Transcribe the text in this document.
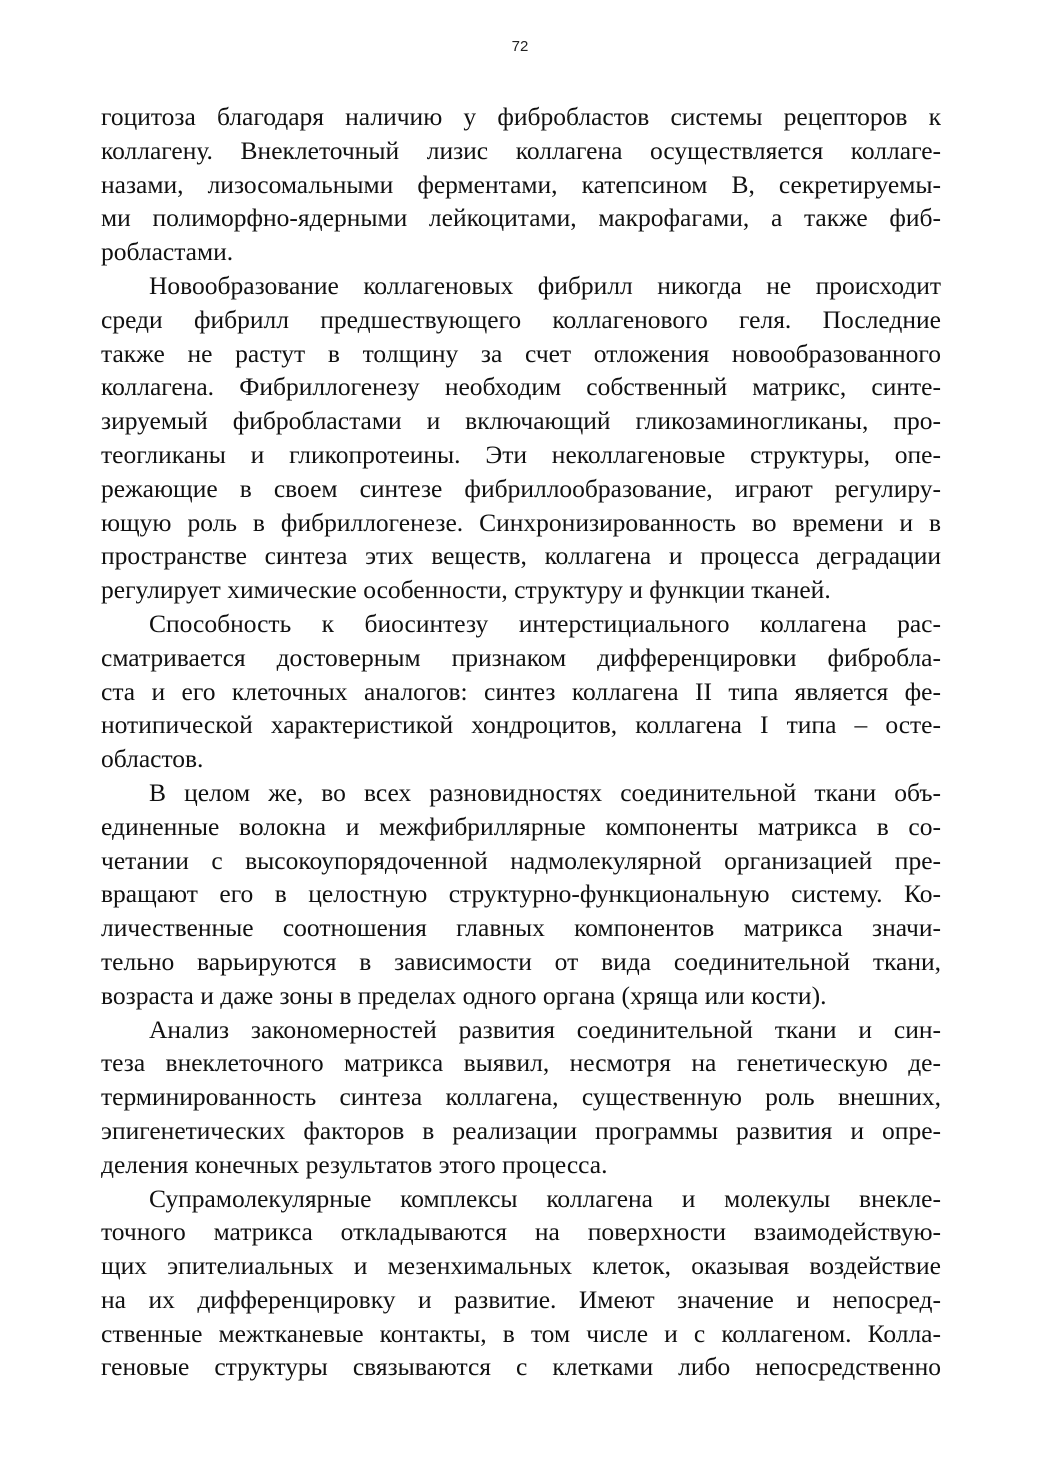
72
гоцитоза благодаря наличию у фибробластов системы рецепторов к
коллагену. Внеклеточный лизис коллагена осуществляется коллаге-
назами, лизосомальными ферментами, катепсином В, секретируемы-
ми полиморфно-ядерными лейкоцитами, макрофагами, а также фиб-
робластами.
Новообразование коллагеновых фибрилл никогда не происходит
среди фибрилл предшествующего коллагенового геля. Последние
также не растут в толщину за счет отложения новообразованного
коллагена. Фибриллогенезу необходим собственный матрикс, синте-
зируемый фибробластами и включающий гликозаминогликаны, про-
теогликаны и гликопротеины. Эти неколлагеновые структуры, опе-
режающие в своем синтезе фибриллообразование, играют регулиру-
ющую роль в фибриллогенезе. Синхронизированность во времени и в
пространстве синтеза этих веществ, коллагена и процесса деградации
регулирует химические особенности, структуру и функции тканей.
Способность к биосинтезу интерстициального коллагена рас-
сматривается достоверным признаком дифференцировки фибробла-
ста и его клеточных аналогов: синтез коллагена II типа является фе-
нотипической характеристикой хондроцитов, коллагена I типа – осте-
областов.
В целом же, во всех разновидностях соединительной ткани объ-
единенные волокна и межфибриллярные компоненты матрикса в со-
четании с высокоупорядоченной надмолекулярной организацией пре-
вращают его в целостную структурно-функциональную систему. Ко-
личественные соотношения главных компонентов матрикса значи-
тельно варьируются в зависимости от вида соединительной ткани,
возраста и даже зоны в пределах одного органа (хряща или кости).
Анализ закономерностей развития соединительной ткани и син-
теза внеклеточного матрикса выявил, несмотря на генетическую де-
терминированность синтеза коллагена, существенную роль внешних,
эпигенетических факторов в реализации программы развития и опре-
деления конечных результатов этого процесса.
Супрамолекулярные комплексы коллагена и молекулы внекле-
точного матрикса откладываются на поверхности взаимодействую-
щих эпителиальных и мезенхимальных клеток, оказывая воздействие
на их дифференцировку и развитие. Имеют значение и непосред-
ственные межтканевые контакты, в том числе и с коллагеном. Колла-
геновые структуры связываются с клетками либо непосредственно
